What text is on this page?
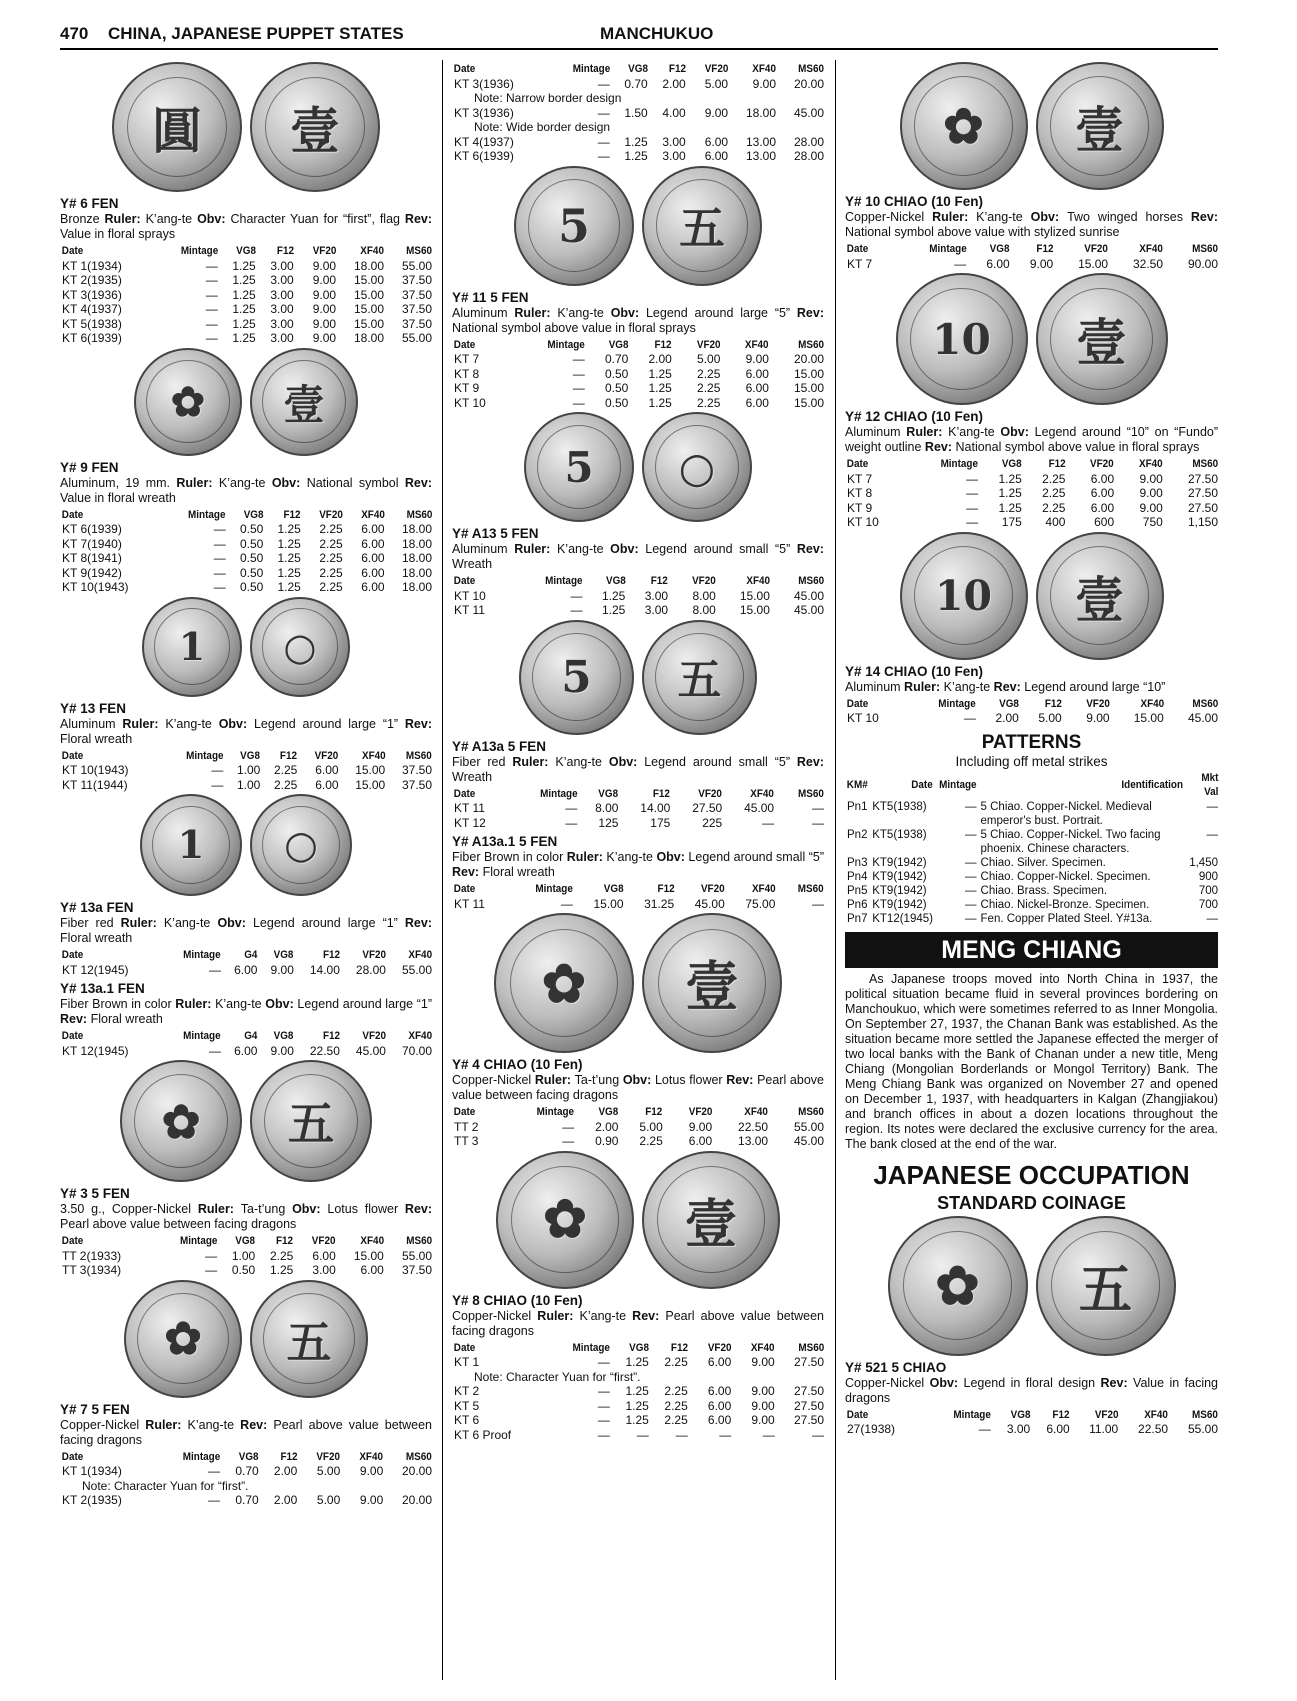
470 CHINA, JAPANESE PUPPET STATES	MANCHUKUO
圓 壹
Y# 6 FEN
Bronze Ruler: K’ang-te Obv: Character Yuan for “first”, flag Rev: Value in floral sprays
Date	Mintage	VG8	F12	VF20	XF40	MS60
KT 1(1934)	—	1.25	3.00	9.00	18.00	55.00
KT 2(1935)	—	1.25	3.00	9.00	15.00	37.50
KT 3(1936)	—	1.25	3.00	9.00	15.00	37.50
KT 4(1937)	—	1.25	3.00	9.00	15.00	37.50
KT 5(1938)	—	1.25	3.00	9.00	15.00	37.50
KT 6(1939)	—	1.25	3.00	9.00	18.00	55.00
✿ 壹
Y# 9 FEN
Aluminum, 19 mm. Ruler: K’ang-te Obv: National symbol Rev: Value in floral wreath
Date	Mintage	VG8	F12	VF20	XF40	MS60
KT 6(1939)	—	0.50	1.25	2.25	6.00	18.00
KT 7(1940)	—	0.50	1.25	2.25	6.00	18.00
KT 8(1941)	—	0.50	1.25	2.25	6.00	18.00
KT 9(1942)	—	0.50	1.25	2.25	6.00	18.00
KT 10(1943)	—	0.50	1.25	2.25	6.00	18.00
1 ○
Y# 13 FEN
Aluminum Ruler: K’ang-te Obv: Legend around large “1” Rev: Floral wreath
Date	Mintage	VG8	F12	VF20	XF40	MS60
KT 10(1943)	—	1.00	2.25	6.00	15.00	37.50
KT 11(1944)	—	1.00	2.25	6.00	15.00	37.50
1 ○
Y# 13a FEN
Fiber red Ruler: K’ang-te Obv: Legend around large “1” Rev: Floral wreath
Date	Mintage	G4	VG8	F12	VF20	XF40
KT 12(1945)	—	6.00	9.00	14.00	28.00	55.00
Y# 13a.1 FEN
Fiber Brown in color Ruler: K’ang-te Obv: Legend around large “1” Rev: Floral wreath
Date	Mintage	G4	VG8	F12	VF20	XF40
KT 12(1945)	—	6.00	9.00	22.50	45.00	70.00
✿ 五
Y# 3 5 FEN
3.50 g., Copper-Nickel Ruler: Ta-t’ung Obv: Lotus flower Rev: Pearl above value between facing dragons
Date	Mintage	VG8	F12	VF20	XF40	MS60
TT 2(1933)	—	1.00	2.25	6.00	15.00	55.00
TT 3(1934)	—	0.50	1.25	3.00	6.00	37.50
✿ 五
Y# 7 5 FEN
Copper-Nickel Ruler: K’ang-te Rev: Pearl above value between facing dragons
Date	Mintage	VG8	F12	VF20	XF40	MS60
KT 1(1934)	—	0.70	2.00	5.00	9.00	20.00
Note: Character Yuan for “first”.						
KT 2(1935)	—	0.70	2.00	5.00	9.00	20.00
Date	Mintage	VG8	F12	VF20	XF40	MS60
KT 3(1936)	—	0.70	2.00	5.00	9.00	20.00
Note: Narrow border design						
KT 3(1936)	—	1.50	4.00	9.00	18.00	45.00
Note: Wide border design						
KT 4(1937)	—	1.25	3.00	6.00	13.00	28.00
KT 6(1939)	—	1.25	3.00	6.00	13.00	28.00
5 五
Y# 11 5 FEN
Aluminum Ruler: K’ang-te Obv: Legend around large “5” Rev: National symbol above value in floral sprays
Date	Mintage	VG8	F12	VF20	XF40	MS60
KT 7	—	0.70	2.00	5.00	9.00	20.00
KT 8	—	0.50	1.25	2.25	6.00	15.00
KT 9	—	0.50	1.25	2.25	6.00	15.00
KT 10	—	0.50	1.25	2.25	6.00	15.00
5 ○
Y# A13 5 FEN
Aluminum Ruler: K’ang-te Obv: Legend around small “5” Rev: Wreath
Date	Mintage	VG8	F12	VF20	XF40	MS60
KT 10	—	1.25	3.00	8.00	15.00	45.00
KT 11	—	1.25	3.00	8.00	15.00	45.00
5 五
Y# A13a 5 FEN
Fiber red Ruler: K’ang-te Obv: Legend around small “5” Rev: Wreath
Date	Mintage	VG8	F12	VF20	XF40	MS60
KT 11	—	8.00	14.00	27.50	45.00	—
KT 12	—	125	175	225	—	—
Y# A13a.1 5 FEN
Fiber Brown in color Ruler: K’ang-te Obv: Legend around small “5” Rev: Floral wreath
Date	Mintage	VG8	F12	VF20	XF40	MS60
KT 11	—	15.00	31.25	45.00	75.00	—
✿ 壹
Y# 4 CHIAO (10 Fen)
Copper-Nickel Ruler: Ta-t’ung Obv: Lotus flower Rev: Pearl above value between facing dragons
Date	Mintage	VG8	F12	VF20	XF40	MS60
TT 2	—	2.00	5.00	9.00	22.50	55.00
TT 3	—	0.90	2.25	6.00	13.00	45.00
✿ 壹
Y# 8 CHIAO (10 Fen)
Copper-Nickel Ruler: K’ang-te Rev: Pearl above value between facing dragons
Date	Mintage	VG8	F12	VF20	XF40	MS60
KT 1	—	1.25	2.25	6.00	9.00	27.50
Note: Character Yuan for “first”.						
KT 2	—	1.25	2.25	6.00	9.00	27.50
KT 5	—	1.25	2.25	6.00	9.00	27.50
KT 6	—	1.25	2.25	6.00	9.00	27.50
KT 6 Proof	—	—	—	—	—	—
✿ 壹
Y# 10 CHIAO (10 Fen)
Copper-Nickel Ruler: K’ang-te Obv: Two winged horses Rev: National symbol above value with stylized sunrise
Date	Mintage	VG8	F12	VF20	XF40	MS60
KT 7	—	6.00	9.00	15.00	32.50	90.00
10 壹
Y# 12 CHIAO (10 Fen)
Aluminum Ruler: K’ang-te Obv: Legend around “10” on “Fundo” weight outline Rev: National symbol above value in floral sprays
Date	Mintage	VG8	F12	VF20	XF40	MS60
KT 7	—	1.25	2.25	6.00	9.00	27.50
KT 8	—	1.25	2.25	6.00	9.00	27.50
KT 9	—	1.25	2.25	6.00	9.00	27.50
KT 10	—	175	400	600	750	1,150
10 壹
Y# 14 CHIAO (10 Fen)
Aluminum Ruler: K’ang-te Rev: Legend around large “10”
Date	Mintage	VG8	F12	VF20	XF40	MS60
KT 10	—	2.00	5.00	9.00	15.00	45.00
PATTERNS
Including off metal strikes
KM#	Date	Mintage	Identification	Mkt Val
Pn1	KT5(1938)	—	5 Chiao. Copper-Nickel. Medieval emperor's bust. Portrait.	—
Pn2	KT5(1938)	—	5 Chiao. Copper-Nickel. Two facing phoenix. Chinese characters.	—
Pn3	KT9(1942)	—	Chiao. Silver. Specimen.	1,450
Pn4	KT9(1942)	—	Chiao. Copper-Nickel. Specimen.	900
Pn5	KT9(1942)	—	Chiao. Brass. Specimen.	700
Pn6	KT9(1942)	—	Chiao. Nickel-Bronze. Specimen.	700
Pn7	KT12(1945)	—	Fen. Copper Plated Steel. Y#13a.	—
MENG CHIANG
As Japanese troops moved into North China in 1937, the political situation became fluid in several provinces bordering on Manchoukuo, which were sometimes referred to as Inner Mongolia. On September 27, 1937, the Chanan Bank was established. As the situation became more settled the Japanese effected the merger of two local banks with the Bank of Chanan under a new title, Meng Chiang (Mongolian Borderlands or Mongol Territory) Bank. The Meng Chiang Bank was organized on November 27 and opened on December 1, 1937, with headquarters in Kalgan (Zhangjiakou) and branch offices in about a dozen locations throughout the region. Its notes were declared the exclusive currency for the area. The bank closed at the end of the war.
JAPANESE OCCUPATION
STANDARD COINAGE
✿ 五
Y# 521 5 CHIAO
Copper-Nickel Obv: Legend in floral design Rev: Value in facing dragons
Date	Mintage	VG8	F12	VF20	XF40	MS60
27(1938)	—	3.00	6.00	11.00	22.50	55.00
